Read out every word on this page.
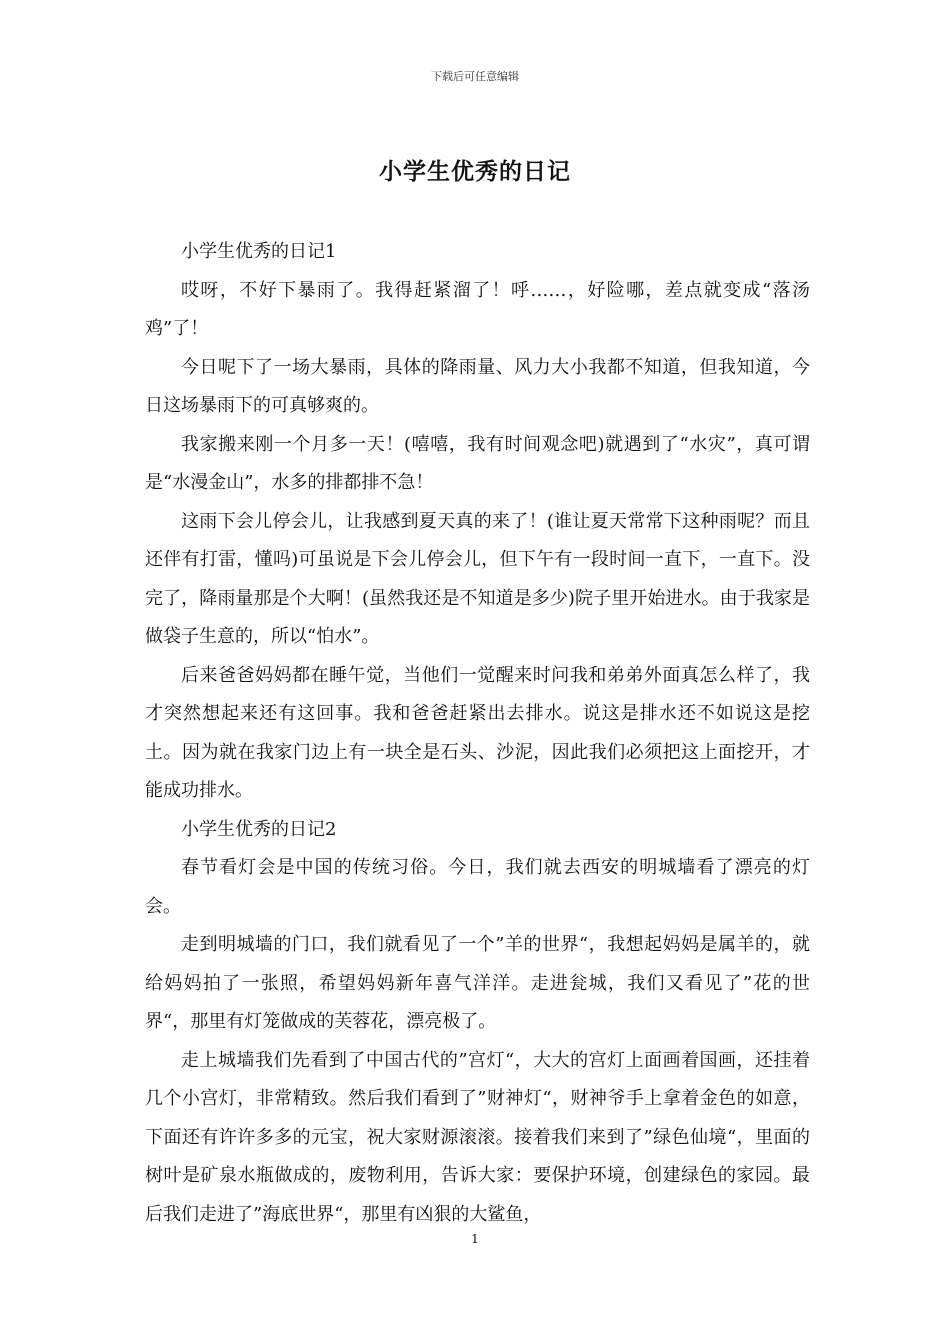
下载后可任意编辑
小学生优秀的日记

小学生优秀的日记1

哎呀，不好下暴雨了。我得赶紧溜了！呼……，好险哪，差点就变成“落汤鸡”了！

今日呢下了一场大暴雨，具体的降雨量、风力大小我都不知道，但我知道，今日这场暴雨下的可真够爽的。

我家搬来刚一个月多一天！(嘻嘻，我有时间观念吧)就遇到了“水灾”，真可谓是“水漫金山”，水多的排都排不急！

这雨下会儿停会儿，让我感到夏天真的来了！(谁让夏天常常下这种雨呢？而且还伴有打雷，懂吗)可虽说是下会儿停会儿，但下午有一段时间一直下，一直下。没完了，降雨量那是个大啊！(虽然我还是不知道是多少)院子里开始进水。由于我家是做袋子生意的，所以“怕水”。

后来爸爸妈妈都在睡午觉，当他们一觉醒来时问我和弟弟外面真怎么样了，我才突然想起来还有这回事。我和爸爸赶紧出去排水。说这是排水还不如说这是挖土。因为就在我家门边上有一块全是石头、沙泥，因此我们必须把这上面挖开，才能成功排水。

小学生优秀的日记2

春节看灯会是中国的传统习俗。今日，我们就去西安的明城墙看了漂亮的灯会。

走到明城墙的门口，我们就看见了一个”羊的世界“，我想起妈妈是属羊的，就给妈妈拍了一张照，希望妈妈新年喜气洋洋。走进瓮城，我们又看见了”花的世界“，那里有灯笼做成的芙蓉花，漂亮极了。

走上城墙我们先看到了中国古代的”宫灯“，大大的宫灯上面画着国画，还挂着几个小宫灯，非常精致。然后我们看到了”财神灯“，财神爷手上拿着金色的如意，下面还有许许多多的元宝，祝大家财源滚滚。接着我们来到了”绿色仙境“，里面的树叶是矿泉水瓶做成的，废物利用，告诉大家：要保护环境，创建绿色的家园。最后我们走进了”海底世界“，那里有凶狠的大鲨鱼，

1
